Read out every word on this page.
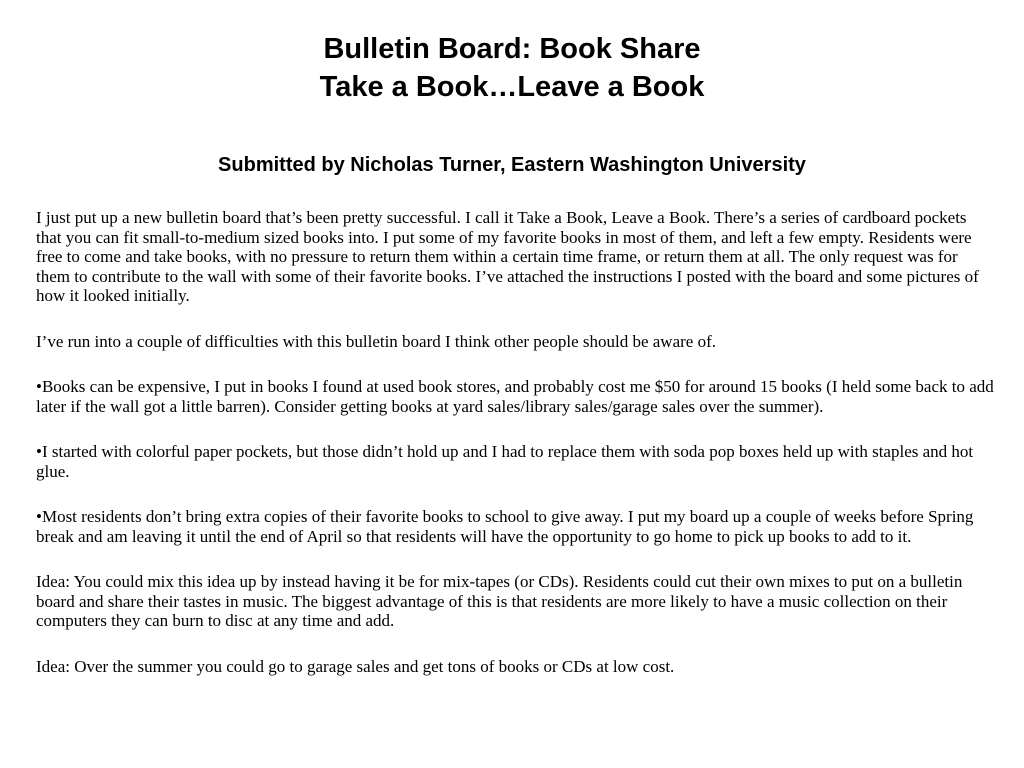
Bulletin Board: Book Share
Take a Book…Leave a Book
Submitted by Nicholas Turner, Eastern Washington University

I just put up a new bulletin board that’s been pretty successful. I call it Take a Book, Leave a Book. There’s a series of cardboard pockets that you can fit small-to-medium sized books into. I put some of my favorite books in most of them, and left a few empty. Residents were free to come and take books, with no pressure to return them within a certain time frame, or return them at all. The only request was for them to contribute to the wall with some of their favorite books. I’ve attached the instructions I posted with the board and some pictures of how it looked initially.

I’ve run into a couple of difficulties with this bulletin board I think other people should be aware of.

•Books can be expensive, I put in books I found at used book stores, and probably cost me $50 for around 15 books (I held some back to add later if the wall got a little barren). Consider getting books at yard sales/library sales/garage sales over the summer).

•I started with colorful paper pockets, but those didn’t hold up and I had to replace them with soda pop boxes held up with staples and hot glue.

•Most residents don’t bring extra copies of their favorite books to school to give away. I put my board up a couple of weeks before Spring break and am leaving it until the end of April so that residents will have the opportunity to go home to pick up books to add to it.

Idea: You could mix this idea up by instead having it be for mix-tapes (or CDs). Residents could cut their own mixes to put on a bulletin board and share their tastes in music. The biggest advantage of this is that residents are more likely to have a music collection on their computers they can burn to disc at any time and add.

Idea: Over the summer you could go to garage sales and get tons of books or CDs at low cost.
